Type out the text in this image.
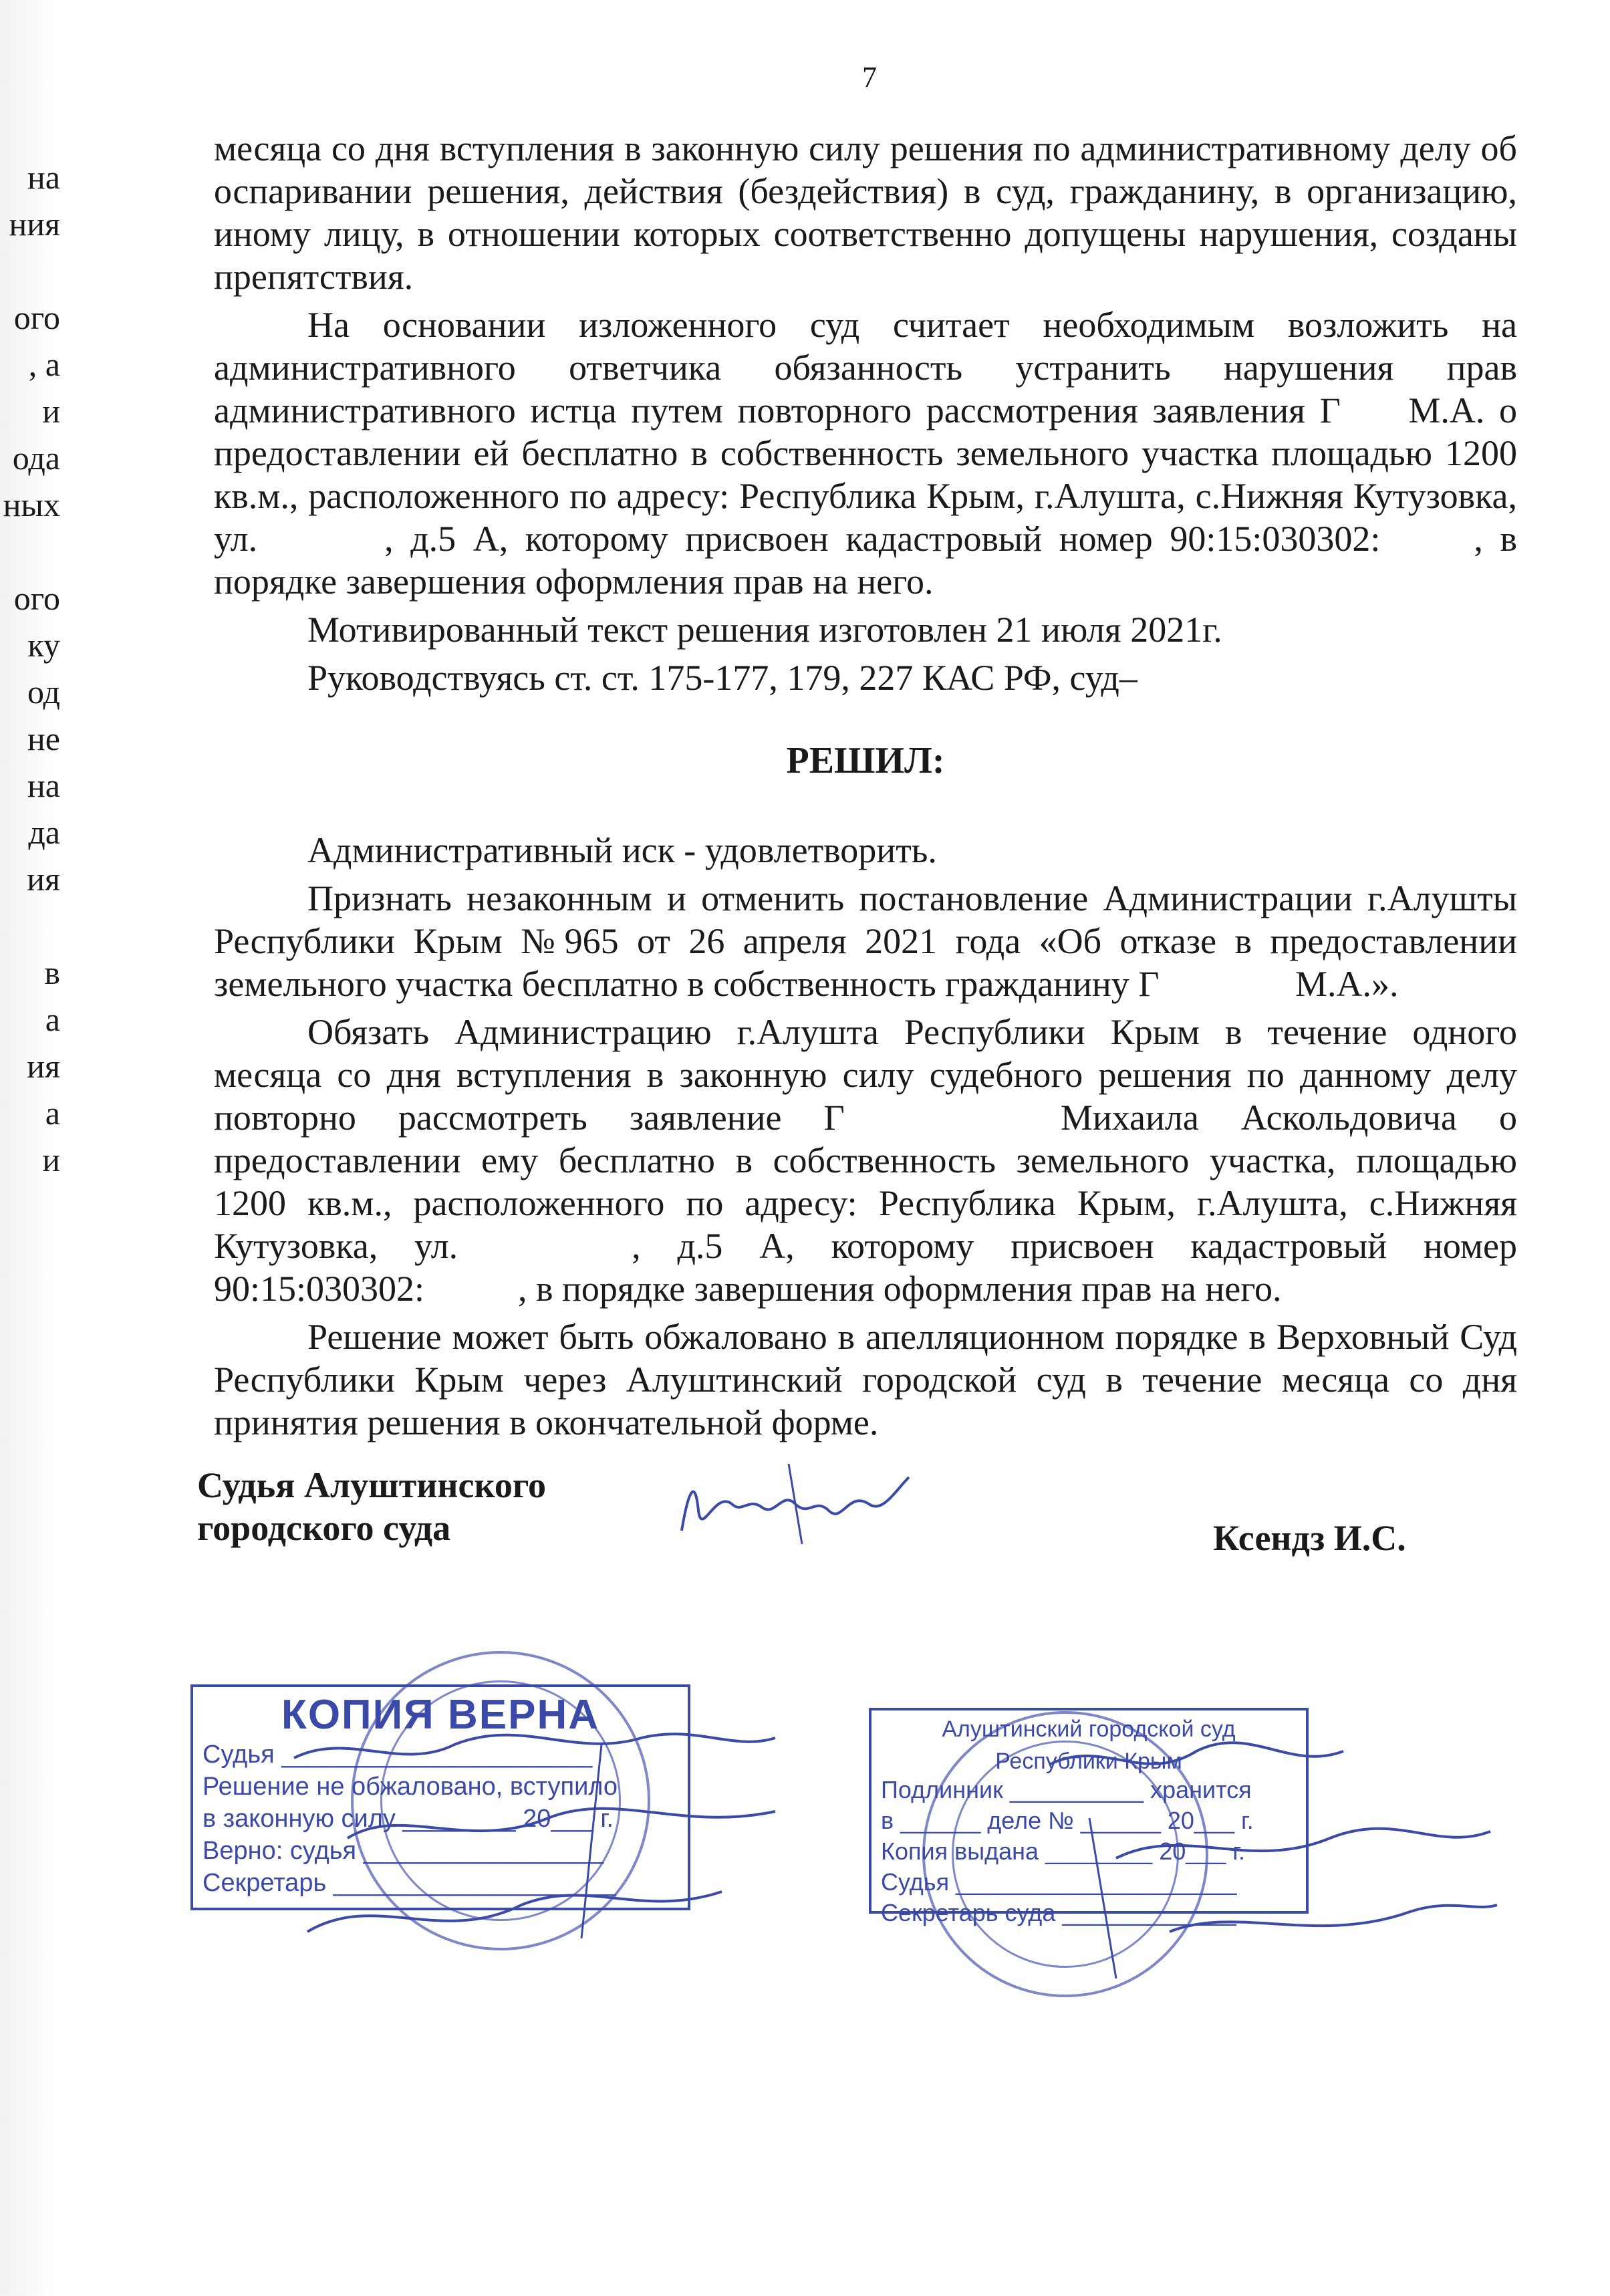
на
ния
ого
, а
и
ода
ных
ого
ку
од
не
на
да
ия
в
а
ия
а
и
7

месяца со дня вступления в законную силу решения по административному делу об оспаривании решения, действия (бездействия) в суд, гражданину, в организацию, иному лицу, в отношении которых соответственно допущены нарушения, созданы препятствия.

На основании изложенного суд считает необходимым возложить на административного ответчика обязанность устранить нарушения прав административного истца путем повторного рассмотрения заявления Г М.А. о предоставлении ей бесплатно в собственность земельного участка площадью 1200 кв.м., расположенного по адресу: Республика Крым, г.Алушта, с.Нижняя Кутузовка, ул.	, д.5 А, которому присвоен кадастровый номер 90:15:030302:	, в порядке завершения оформления прав на него.

Мотивированный текст решения изготовлен 21 июля 2021г.

Руководствуясь ст. ст. 175-177, 179, 227 КАС РФ, суд–

РЕШИЛ:

Административный иск - удовлетворить.

Признать незаконным и отменить постановление Администрации г.Алушты Республики Крым №965 от 26 апреля 2021 года «Об отказе в предоставлении земельного участка бесплатно в собственность гражданину Г	М.А.».

Обязать Администрацию г.Алушта Республики Крым в течение одного месяца со дня вступления в законную силу судебного решения по данному делу повторно рассмотреть заявление Г	Михаила Аскольдовича о предоставлении ему бесплатно в собственность земельного участка, площадью 1200 кв.м., расположенного по адресу: Республика Крым, г.Алушта, с.Нижняя Кутузовка, ул.	, д.5 А, которому присвоен кадастровый номер 90:15:030302:	, в порядке завершения оформления прав на него.

Решение может быть обжаловано в апелляционном порядке в Верховный Суд Республики Крым через Алуштинский городской суд в течение месяца со дня принятия решения в окончательной форме.

Судья Алуштинского
городского суда	Ксендз И.С.
КОПИЯ ВЕРНА
Судья ______________________
Решение не обжаловано, вступило
в законную силу ________ 20___ г.
Верно: судья _________________
Секретарь ____________________
Алуштинский городской суд
Республики Крым
Подлинник __________ хранится
в ______ деле № ______ 20___ г.
Копия выдана ________ 20___ г.
Судья _____________________
Секретарь суда _____________
